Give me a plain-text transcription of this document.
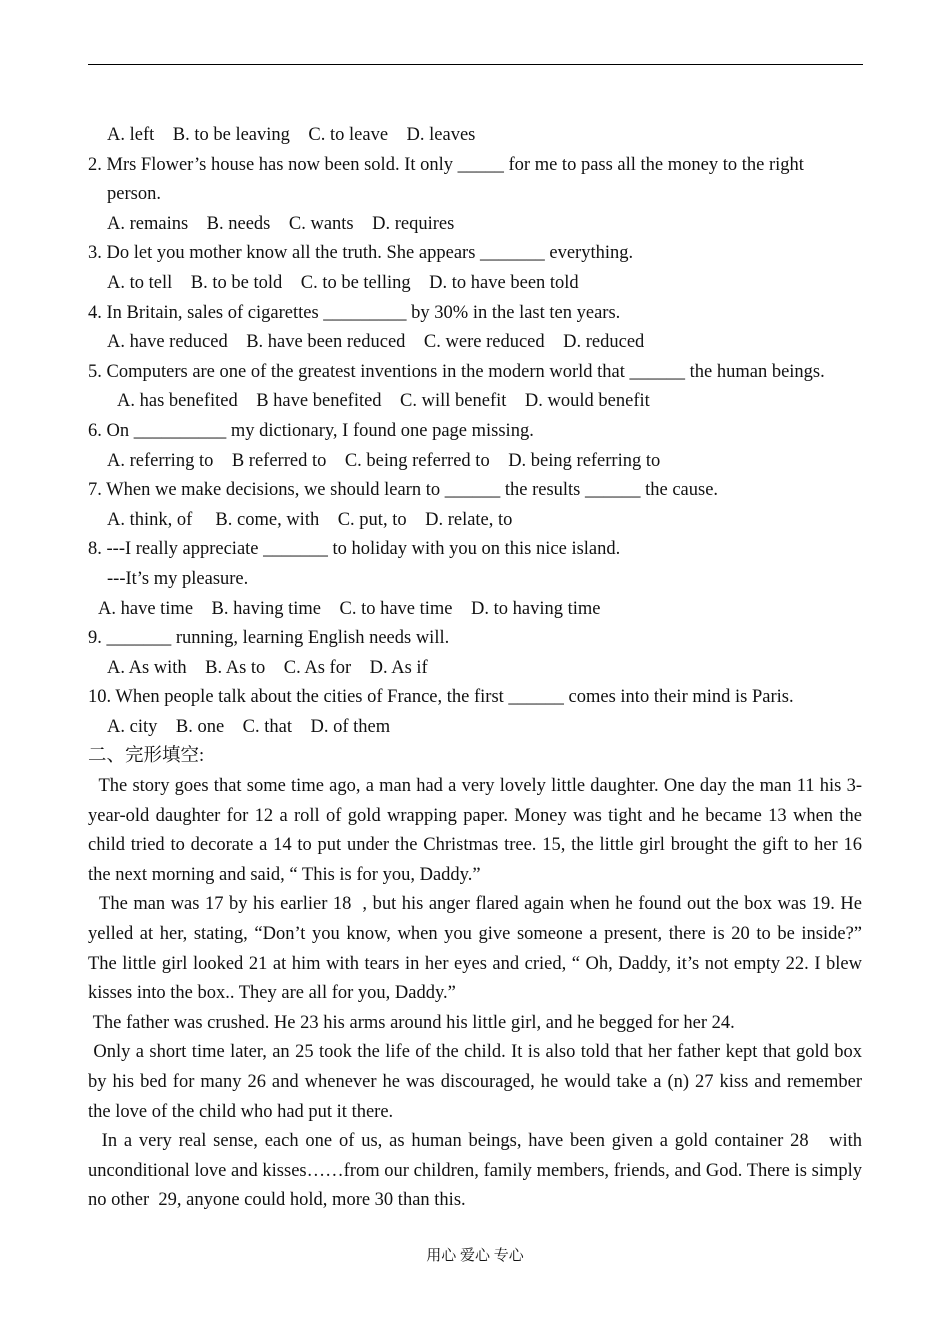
A. left    B. to be leaving    C. to leave    D. leaves
2. Mrs Flower’s house has now been sold. It only _____ for me to pass all the money to the right
person.
A. remains    B. needs    C. wants    D. requires
3. Do let you mother know all the truth. She appears _______ everything.
A. to tell    B. to be told    C. to be telling    D. to have been told
4. In Britain, sales of cigarettes _________ by 30% in the last ten years.
A. have reduced    B. have been reduced    C. were reduced    D. reduced
5. Computers are one of the greatest inventions in the modern world that ______ the human beings.
A. has benefited    B have benefited    C. will benefit    D. would benefit
6. On __________ my dictionary, I found one page missing.
A. referring to    B referred to    C. being referred to    D. being referring to
7. When we make decisions, we should learn to ______ the results ______ the cause.
A. think, of     B. come, with    C. put, to    D. relate, to
8. ---I really appreciate _______ to holiday with you on this nice island.
---It’s my pleasure.
A. have time    B. having time    C. to have time    D. to having time
9. _______ running, learning English needs will.
A. As with    B. As to    C. As for    D. As if
10. When people talk about the cities of France, the first ______ comes into their mind is Paris.
A. city    B. one    C. that    D. of them
二、完形填空:
The story goes that some time ago, a man had a very lovely little daughter. One day the man 11 his 3-year-old daughter for 12 a roll of gold wrapping paper. Money was tight and he became 13 when the child tried to decorate a 14 to put under the Christmas tree. 15, the little girl brought the gift to her 16 the next morning and said, “ This is for you, Daddy.”
The man was 17 by his earlier 18  , but his anger flared again when he found out the box was 19. He yelled at her, stating, “Don’t you know, when you give someone a present, there is 20 to be inside?”  The little girl looked 21 at him with tears in her eyes and cried, “ Oh, Daddy, it’s not empty 22. I blew kisses into the box.. They are all for you, Daddy.”
The father was crushed. He 23 his arms around his little girl, and he begged for her 24.
Only a short time later, an 25 took the life of the child. It is also told that her father kept that gold box by his bed for many 26 and whenever he was discouraged, he would take a (n) 27 kiss and remember the love of the child who had put it there.
In a very real sense, each one of us, as human beings, have been given a gold container 28   with unconditional love and kisses……from our children, family members, friends, and God. There is simply no other  29, anyone could hold, more 30 than this.
用心 爱心 专心
